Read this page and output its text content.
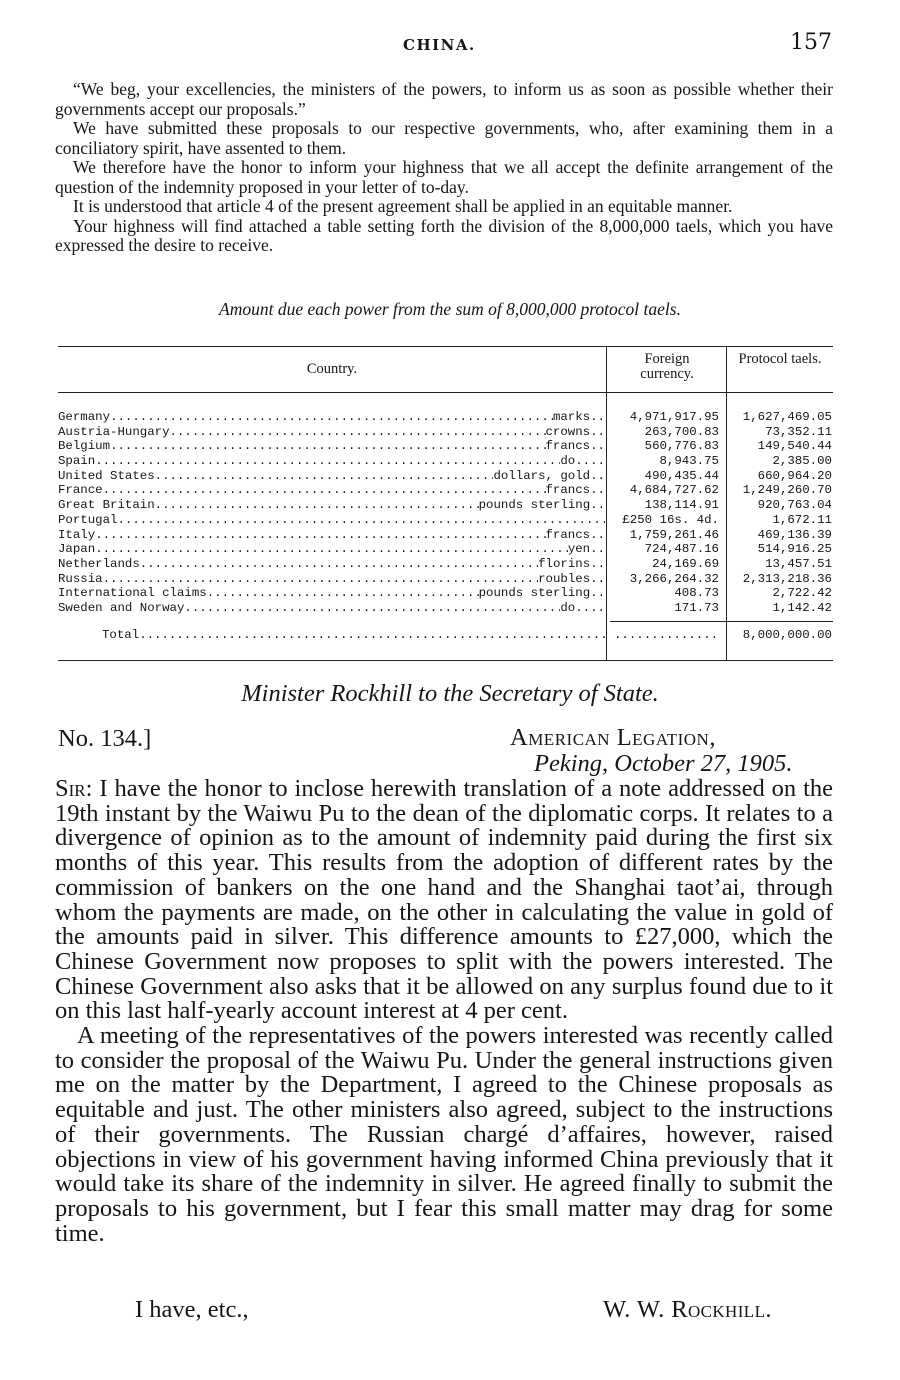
CHINA.	157

“We beg, your excellencies, the ministers of the powers, to inform us as soon as possible whether their governments accept our proposals.”

We have submitted these proposals to our respective governments, who, after examining them in a conciliatory spirit, have assented to them.

We therefore have the honor to inform your highness that we all accept the definite arrangement of the question of the indemnity proposed in your letter of to-day.

It is understood that article 4 of the present agreement shall be applied in an equitable manner.

Your highness will find attached a table setting forth the division of the 8,000,000 taels, which you have expressed the desire to receive.

Amount due each power from the sum of 8,000,000 protocol taels.
Country.
Foreign currency.
Protocol taels.
Germany .....	marks..	4,971,917.95	1,627,469.05
Austria-Hungary .....	crowns..	263,700.83	73,352.11
Belgium .....	francs..	560,776.83	149,540.44
Spain .....	do....	8,943.75	2,385.00
United States .....	dollars, gold..	490,435.44	660,964.20
France .....	francs..	4,684,727.62	1,249,260.70
Great Britain .....	pounds sterling..	138,114.91	920,763.04
Portugal .....	£250 16s. 4d.	1,672.11
Italy .....	francs..	1,759,261.46	469,136.39
Japan .....	yen..	724,487.16	514,916.25
Netherlands .....	florins..	24,169.69	13,457.51
Russia .....	roubles..	3,266,264.32	2,313,218.36
International claims .....	pounds sterling..	408.73	2,722.42
Sweden and Norway .....	do....	171.73	1,142.42
Total ..... .....	8,000,000.00
Minister Rockhill to the Secretary of State.
No. 134.]	American Legation,
Peking, October 27, 1905.

Sir: I have the honor to inclose herewith translation of a note addressed on the 19th instant by the Waiwu Pu to the dean of the diplomatic corps. It relates to a divergence of opinion as to the amount of indemnity paid during the first six months of this year. This results from the adoption of different rates by the commission of bankers on the one hand and the Shanghai taot’ai, through whom the payments are made, on the other in calculating the value in gold of the amounts paid in silver. This difference amounts to £27,000, which the Chinese Government now proposes to split with the powers interested. The Chinese Government also asks that it be allowed on any surplus found due to it on this last half-yearly account interest at 4 per cent.

A meeting of the representatives of the powers interested was recently called to consider the proposal of the Waiwu Pu. Under the general instructions given me on the matter by the Department, I agreed to the Chinese proposals as equitable and just. The other ministers also agreed, subject to the instructions of their governments. The Russian chargé d’affaires, however, raised objections in view of his government having informed China previously that it would take its share of the indemnity in silver. He agreed finally to submit the proposals to his government, but I fear this small matter may drag for some time.

I have, etc.,	W. W. Rockhill.
